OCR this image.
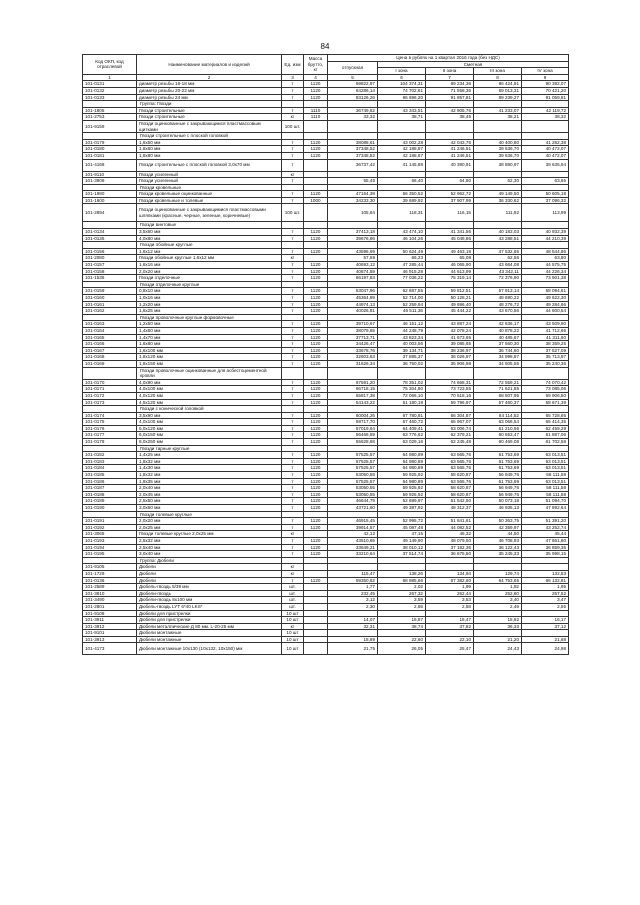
84
Код ОКП, код отраслевой	Наименование материалов и изделий	Ед. изм	Масса брутто, кг	Цена в рублях на 1 квартал 2016 года (без НДС)				
				отпускная	Сметная			
					I зона	II зона	III зона	IV зона
1	2	3	4	5	6	7	8	9
101-0131	диаметр резьбы 16-18 мм	т	1120	69822,97	104 374,31	89 234,36	86 424,91	90 392,07
101-0132	диаметр резьбы 20-22 мм	т	1120	64286,14	74 702,61	71 558,36	69 013,31	70 421,20
101-0133	диаметр резьбы 24 мм	т	1120	83126,26	96 696,20	91 857,81	89 239,27	91 059,81
	Группа: Гвозди							
101-1805	Гвозди строительные	т	1110	36749,62	43 343,51	42 905,76	41 233,07	42 119,72
101-2753	Гвозди строительные	кг	1110	33,32	38,71	38,45	38,21	38,32
101-9159	Гвозди оцинкованные с закрывающимся пластмассовым щитками	100 шт.						
	Гвозди строительные с плоской головкой							
101-0179	1,6х50 мм	т	1120	38088,61	43 002,28	42 043,76	40 400,80	41 252,38
101-0180	1,8х60 мм	т	1120	37348,52	42 188,87	41 246,51	39 636,70	40 472,07
101-0181	1,8х80 мм	т	1120	37348,52	42 188,87	41 246,51	39 636,70	40 472,07
101-4168	Гвозди строительные с плоской головкой 3,0х70 мм	т		36737,42	41 145,88	40 390,91	38 880,97	39 635,94
101-9110	Гвозди усиленный	кг						
101-3909	Гвозди усиленный	т		55,45	66,40	64,80	62,30	63,65
	Гвозди кровельные							
101-1980	Гвозди кровельные оцинкованные	т	1120	47164,38	56 350,52	52 962,72	49 149,50	50 605,18
101-1600	Гвозди кровельные и толевые	т	1000	34233,30	39 689,92	37 907,99	36 330,62	37 096,32
101-2894	Гвозди оцинкованные с закрывающимися пластмассовыми шляпками (красные, черные, зеленые, коричневые)	100 шт.		105,64	118,31	116,15	111,82	113,99
	Гвозди винтовые							
101-0134	3,5х60 мм	т	1120	37413,18	43 474,10	41 341,56	40 183,03	40 932,39
101-0135	4,0х80 мм	т	1120	39676,86	46 104,26	45 048,86	43 288,51	44 210,39
	Гвозди обойные круглые							
101-0156	1,6х12 мм	т	1120	43596,69	50 624,49	49 463,18	47 532,65	48 544,86
101-2080	Гвозди обойные круглые 1,6х12 мм	кг		57,59	66,23	65,08	62,56	63,80
101-0157	1,6х16 мм	т	1120	40693,12	47 285,44	46 065,90	43 664,08	44 575,75
101-0158	2,0х20 мм	т	1120	40874,59	46 915,28	44 613,99	43 342,11	44 226,34
101-1536	Гвозди отделочные	т	1120	66197,83	77 036,22	75 319,14	72 376,90	73 901,38
	Гвозди отделочные круглые							
101-0159	0,8х10 мм	т	1120	53047,96	62 687,55	59 812,51	57 913,14	58 094,61
101-0160	1,0х16 мм	т	1120	45364,89	52 714,00	50 128,21	48 690,22	49 622,30
101-0161	1,2х20 мм	т	1120	44974,13	52 259,94	49 696,40	48 276,72	49 284,66
101-0162	1,6х25 мм	т	1120	40026,81	46 511,36	45 444,22	43 670,56	44 600,54
	Гвозди проволочные круглые формовочные							
101-0163	1,2х50 мм	т	1120	39710,67	46 151,12	43 887,24	42 636,17	43 509,90
101-0164	1,4х60 мм	т	1120	38079,85	44 248,79	42 078,24	40 878,22	41 712,66
101-0165	1,4х70 мм	т	1120	37713,71	43 823,34	41 673,65	40 485,67	41 311,60
101-0166	1,6х80 мм	т	1120	34426,47	40 003,56	39 085,65	37 560,30	38 359,25
101-0167	1,6х100 мм	т	1120	33678,76	39 134,71	38 236,97	36 744,60	37 527,09
101-0168	1,8х120 мм	т	1120	32603,63	37 885,37	36 026,97	34 998,87	35 713,97
101-0169	1,8х150 мм	т	1120	31626,34	36 750,02	35 906,98	34 505,55	35 240,36
	Гвозди проволочные оцинкованные для асбестоцементной кровли							
101-0170	4,0х90 мм	т	1120	67591,20	78 351,02	74 668,31	72 559,21	74 070,42
101-0171	4,0х100 мм	т	1120	66718,15	75 304,80	73 723,55	71 621,85	73 085,06
101-0172	4,0х120 мм	т	1120	65817,38	72 066,10	70 518,16	68 507,95	69 906,50
101-0173	4,5х120 мм	т	1120	54143,22	61 180,19	59 796,97	57 460,37	58 671,39
	Гвозди с конической головкой							
101-0174	3,5х90 мм	т	1120	60004,26	67 780,81	66 304,87	64 114,52	65 728,65
101-0175	4,0х100 мм	т	1120	59717,70	67 460,72	65 967,07	63 066,54	65 414,35
101-0176	5,0х120 мм	т	1120	57019,64	64 409,41	63 006,74	61 210,56	62 459,29
101-0177	6,0х150 мм	т	1120	56466,59	63 776,62	62 379,21	60 553,47	61 887,06
101-0178	8,0х250 мм	т	1120	55628,68	63 029,16	62 245,48	60 469,08	61 702,58
	Гвозди тарные круглые							
101-0182	1,4х25 мм	т	1120	57525,57	64 980,89	63 565,76	61 753,69	63 013,51
101-0183	1,8х32 мм	т	1120	57525,57	64 980,89	63 565,76	61 753,69	63 013,51
101-0184	1,4х30 мм	т	1120	57525,57	64 980,89	63 565,76	61 753,69	63 013,51
101-0185	1,8х32 мм	т	1120	53050,55	59 925,92	58 620,87	56 949,76	58 111,58
101-0186	1,8х35 мм	т	1120	57525,57	64 980,89	63 565,76	61 753,69	63 013,51
101-0187	2,0х40 мм	т	1120	53050,55	59 925,92	58 620,87	56 949,76	58 111,58
101-0188	2,0х45 мм	т	1120	53050,55	59 925,92	58 620,87	56 949,76	58 111,58
101-0189	2,5х50 мм	т	1120	46644,79	52 689,97	51 542,50	50 073,18	51 094,70
101-0190	3,0х60 мм	т	1120	43721,60	49 387,92	48 312,37	46 935,13	47 892,64
	Гвозди толевые круглые							
101-0191	2,0х20 мм	т	1120	46915,45	52 995,72	51 841,61	50 363,75	51 391,20
101-0192	2,0х25 мм	т	1120	39914,57	45 087,48	44 082,52	42 359,97	43 252,74
101-3065	Гвозди толевые круглые 2,0х25 мм	кг		42,12	47,15	46,32	44,50	45,44
101-0193	2,5х32 мм	т	1120	43510,65	49 149,90	48 079,50	46 708,93	47 661,80
101-0194	2,5х40 мм	т	1120	33649,21	38 010,12	37 182,36	36 122,43	36 859,35
101-0195	3,0х40 мм	т	1120	33210,64	37 514,74	36 675,50	35 245,33	35 998,15
	Группа: Дюбели							
101-9105	Дюбели	кг						
101-1729	Дюбели	кг		115,47	138,26	134,94	129,74	132,53
101-0136	Дюбели	т	1120	59350,62	68 985,66	67 382,60	64 753,65	66 132,81
101-2589	Дюбель-гвоздь 5/39 мм	шт.		1,77	2,02	1,99	1,92	1,95
101-3810	Дюбели-гвоздь	шт.		232,45	267,32	262,44	252,60	257,52
101-3490	Дюбели-гвоздь 8х100 мм	шт.		3,12	3,59	3,53	3,40	3,47
101-2801	Дюбель-гвоздь LYT 6*40 LKS*	шт.		2,30	2,65	2,58	2,49	2,55
101-9108	Дюбели для пристрелки	10 шт						
101-3911	Дюбели для пристрелки	10 шт		14,07	16,87	16,47	15,82	16,17
101-3912	Дюбели металлические Д 80 мм. L-20-25 мм	кг		32,31	38,74	37,82	36,33	37,12
101-9101	Дюбели монтажные	10 шт						
101-3913	Дюбели монтажные	10 шт		18,89	22,60	22,10	21,20	21,68
101-4173	Дюбели монтажные 10х130 (10х132, 10х150) мм	10 шт		21,75	26,05	25,47	24,43	24,98
